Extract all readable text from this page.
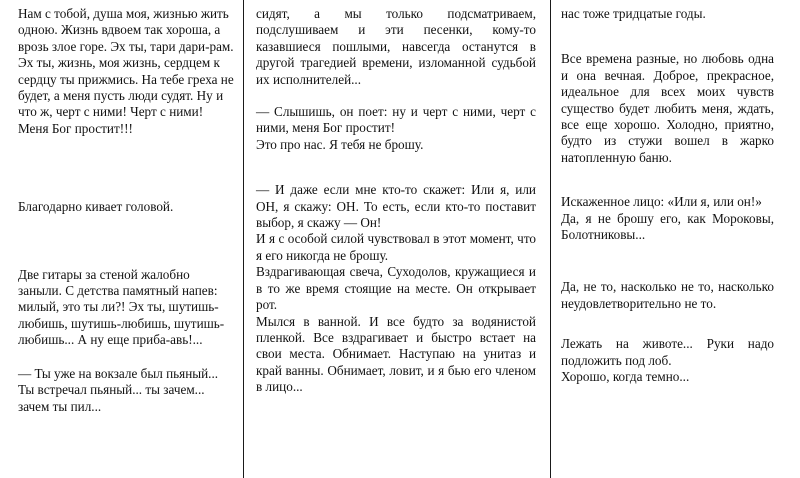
Нам с тобой, душа моя, жизнью жить одною. Жизнь вдвоем так хороша, а врозь злое горе. Эх ты, тари дари-рам. Эх ты, жизнь, моя жизнь, сердцем к сердцу ты прижмись. На тебе греха не будет, а меня пусть люди судят. Ну и что ж, черт с ними! Черт с ними! Меня Бог простит!!!

Благодарно кивает головой.

Две гитары за стеной жалобно заныли. С детства памятный напев: милый, это ты ли?! Эх ты, шутишь-любишь, шутишь-любишь, шутишь-любишь... А ну еще приба-авь!...

— Ты уже на вокзале был пьяный... Ты встречал пьяный... ты зачем... зачем ты пил...

сидят, а мы только подсматриваем, подслушиваем и эти песенки, кому-то казавшиеся пошлыми, навсегда останутся в другой трагедией времени, изломанной судьбой их исполнителей...

— Слышишь, он поет: ну и черт с ними, черт с ними, меня Бог простит!

Это про нас. Я тебя не брошу.

— И даже если мне кто-то скажет: Или я, или ОН, я скажу: ОН. То есть, если кто-то поставит выбор, я скажу — Он!

И я с особой силой чувствовал в этот момент, что я его никогда не брошу.

Вздрагивающая свеча, Суходолов, кружащиеся и в то же время стоящие на месте. Он открывает рот.

Мылся в ванной. И все будто за водянистой пленкой. Все вздрагивает и быстро встает на свои места. Обнимает. Наступаю на унитаз и край ванны. Обнимает, ловит, и я бью его членом в лицо...

нас тоже тридцатые годы.

Все времена разные, но любовь одна и она вечная. Доброе, прекрасное, идеальное для всех моих чувств существо будет любить меня, ждать, все еще хорошо. Холодно, приятно, будто из стужи вошел в жарко натопленную баню.

Искаженное лицо: «Или я, или он!»

Да, я не брошу его, как Мороковы, Болотниковы...

Да, не то, насколько не то, насколько неудовлетворительно не то.

Лежать на животе... Руки надо подложить под лоб.

Хорошо, когда темно...
